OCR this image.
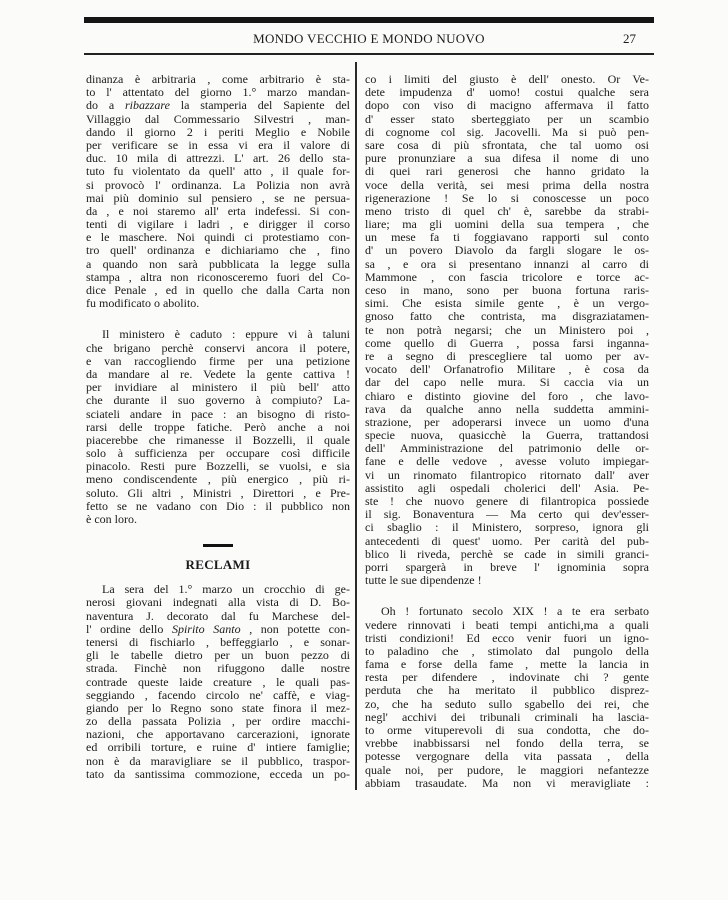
MONDO VECCHIO E MONDO NUOVO	27
dinanza è arbitraria , come arbitrario è sta-
to l' attentato del giorno 1.° marzo mandan-
do a ribazzare la stamperia del Sapiente del
Villaggio dal Commessario Silvestri , man-
dando il giorno 2 i periti Meglio e Nobile
per verificare se in essa vi era il valore di
duc. 10 mila di attrezzi. L' art. 26 dello sta-
tuto fu violentato da quell' atto , il quale for-
si provocò l' ordinanza. La Polizia non avrà
mai più dominio sul pensiero , se ne persua-
da , e noi staremo all' erta indefessi. Si con-
tenti di vigilare i ladri , e dirigger il corso
e le maschere. Noi quindi ci protestiamo con-
tro quell' ordinanza e dichiariamo che , fino
a quando non sarà pubblicata la legge sulla
stampa , altra non riconosceremo fuori del Co-
dice Penale , ed in quello che dalla Carta non
fu modificato o abolito.
Il ministero è caduto : eppure vi à taluni
che brigano perchè conservi ancora il potere,
e van raccogliendo firme per una petizione
da mandare al re. Vedete la gente cattiva !
per invidiare al ministero il più bell' atto
che durante il suo governo à compiuto? La-
sciateli andare in pace : an bisogno di risto-
rarsi delle troppe fatiche. Però anche a noi
piacerebbe che rimanesse il Bozzelli, il quale
solo à sufficienza per occupare così difficile
pinacolo. Resti pure Bozzelli, se vuolsi, e sia
meno condiscendente , più energico , più ri-
soluto. Gli altri , Ministri , Direttori , e Pre-
fetto se ne vadano con Dio : il pubblico non
è con loro.
RECLAMI
La sera del 1.° marzo un crocchio di ge-
nerosi giovani indegnati alla vista di D. Bo-
naventura J. decorato dal fu Marchese del-
l' ordine dello Spirito Santo , non potette con-
tenersi di fischiarlo , beffeggiarlo , e sonar-
gli le tabelle dietro per un buon pezzo di
strada. Finchè non rifuggono dalle nostre
contrade queste laide creature , le quali pas-
seggiando , facendo circolo ne' caffè, e viag-
giando per lo Regno sono state finora il mez-
zo della passata Polizia , per ordire macchi-
nazioni, che apportavano carcerazioni, ignorate
ed orribili torture, e ruine d' intiere famiglie;
non è da maravigliare se il pubblico, traspor-
tato da santissima commozione, ecceda un po-
co i limiti del giusto è dell' onesto. Or Ve-
dete impudenza d' uomo! costui qualche sera
dopo con viso di macigno affermava il fatto
d' esser stato sberteggiato per un scambio
di cognome col sig. Jacovelli. Ma si può pen-
sare cosa di più sfrontata, che tal uomo osi
pure pronunziare a sua difesa il nome di uno
di quei rari generosi che hanno gridato la
voce della verità, sei mesi prima della nostra
rigenerazione ! Se lo si conoscesse un poco
meno tristo di quel ch' è, sarebbe da strabi-
liare; ma gli uomini della sua tempera , che
un mese fa ti foggiavano rapporti sul conto
d' un povero Diavolo da fargli slogare le os-
sa , e ora si presentano innanzi al carro di
Mammone , con fascia tricolore e torce ac-
ceso in mano, sono per buona fortuna raris-
simi. Che esista simile gente , è un vergo-
gnoso fatto che contrista, ma disgraziatamen-
te non potrà negarsi; che un Ministero poi ,
come quello di Guerra , possa farsi inganna-
re a segno di prescegliere tal uomo per av-
vocato dell' Orfanatrofio Militare , è cosa da
dar del capo nelle mura. Si caccia via un
chiaro e distinto giovine del foro , che lavo-
rava da qualche anno nella suddetta ammini-
strazione, per adoperarsi invece un uomo d'una
specie nuova, quasicchè la Guerra, trattandosi
dell' Amministrazione del patrimonio delle or-
fane e delle vedove , avesse voluto impiegar-
vi un rinomato filantropico ritornato dall' aver
assistito agli ospedali cholerici dell' Asia. Pe-
ste ! che nuovo genere di filantropica possiede
il sig. Bonaventura — Ma certo qui dev'esser-
ci sbaglio : il Ministero, sorpreso, ignora gli
antecedenti di quest' uomo. Per carità del pub-
blico li riveda, perchè se cade in simili granci-
porri spargerà in breve l' ignominia sopra
tutte le sue dipendenze !
Oh ! fortunato secolo XIX ! a te era serbato
vedere rinnovati i beati tempi antichi,ma a quali
tristi condizioni! Ed ecco venir fuori un igno-
to paladino che , stimolato dal pungolo della
fama e forse della fame , mette la lancia in
resta per difendere , indovinate chi ? gente
perduta che ha meritato il pubblico disprez-
zo, che ha seduto sullo sgabello dei rei, che
negl' acchivi dei tribunali criminali ha lascia-
to orme vituperevoli di sua condotta, che do-
vrebbe inabbissarsi nel fondo della terra, se
potesse vergognare della vita passata , della
quale noi, per pudore, le maggiori nefantezze
abbiam trasaudate. Ma non vi meravigliate :
